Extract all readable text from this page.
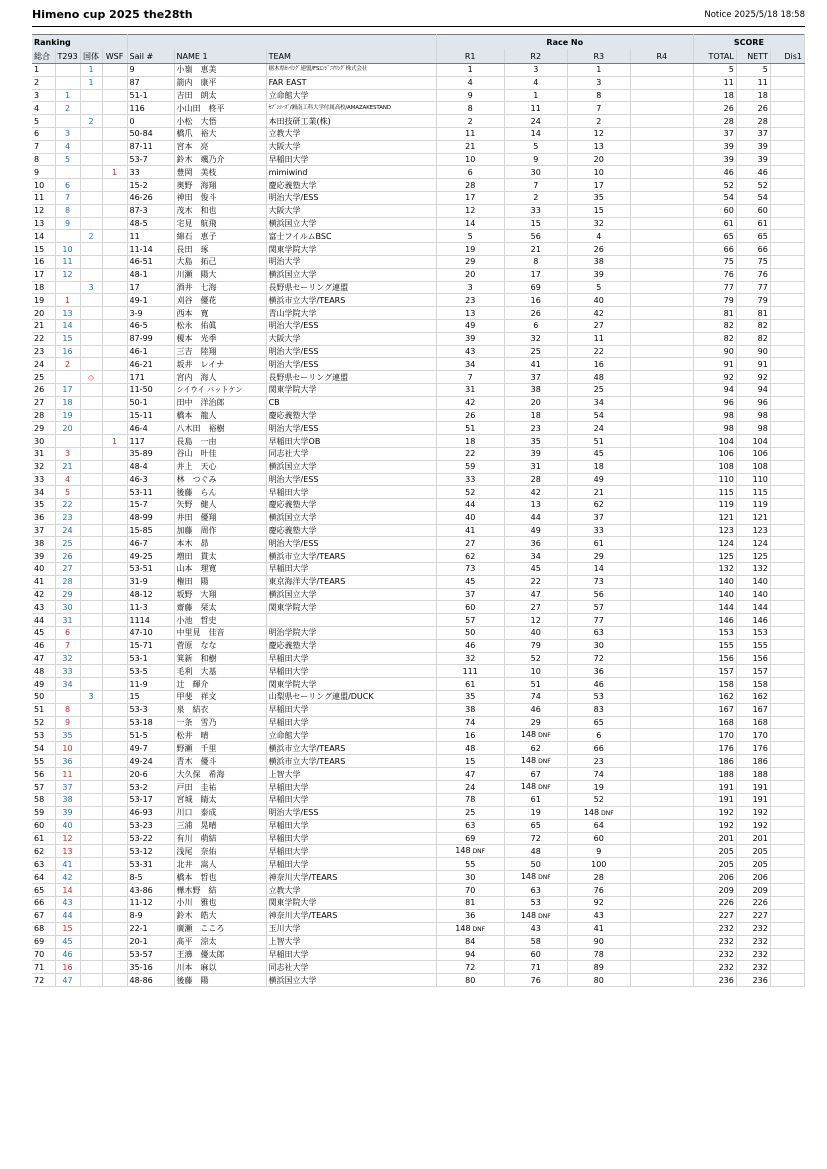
Himeno cup 2025 the28th	Notice 2025/5/18 18:58
Ranking							Race No				SCORE		
総合	T293	国体	WSF	Sail #	NAME 1	TEAM	R1	R2	R3	R4	TOTAL	NETT	Dis1
1		1		9	小嶺　恵美	栃木県ｾｰﾘﾝｸﾞ連盟/FSｴﾝｼﾞﾆｱﾘﾝｸﾞ株式会社	1	3	1		5	5	
2		1		87	箭内　康平	FAR EAST	4	4	3		11	11	
3	1			51-1	吉田　朗太	立命館大学	9	1	8		18	18	
4	2			116	小山田　柊平	ｾﾌﾞﾝｼｰｽﾞ/湘南工科大学付属高校/AMAZAKESTAND	8	11	7		26	26	
5		2		0	小松　大悟	本田技研工業(株)	2	24	2		28	28	
6	3			50-84	橋爪　裕大	立教大学	11	14	12		37	37	
7	4			87-11	宮本　亮	大阪大学	21	5	13		39	39	
8	5			53-7	鈴木　颯乃介	早稲田大学	10	9	20		39	39	
9			1	33	豊岡　美枝	mimiwind	6	30	10		46	46	
10	6			15-2	奥野　海翔	慶応義塾大学	28	7	17		52	52	
11	7			46-26	神田　俊斗	明治大学/ESS	17	2	35		54	54	
12	8			87-3	茂木　和也	大阪大学	12	33	15		60	60	
13	9			48-5	宅見　航飛	横浜国立大学	14	15	32		61	61	
14		2		11	綿石　恵子	富士フイルムBSC	5	56	4		65	65	
15	10			11-14	長田　琢	関東学院大学	19	21	26		66	66	
16	11			46-51	大島　拓己	明治大学	29	8	38		75	75	
17	12			48-1	川瀬　陽大	横浜国立大学	20	17	39		76	76	
18		3		17	酒井　七海	長野県セーリング連盟	3	69	5		77	77	
19	1			49-1	刈谷　優花	横浜市立大学/TEARS	23	16	40		79	79	
20	13			3-9	西本　寛	青山学院大学	13	26	42		81	81	
21	14			46-5	松永　佑眞	明治大学/ESS	49	6	27		82	82	
22	15			87-99	榎本　光季	大阪大学	39	32	11		82	82	
23	16			46-1	三吉　陸翔	明治大学/ESS	43	25	22		90	90	
24	2			46-21	坂井　レイナ	明治大学/ESS	34	41	16		91	91	
25		◇		171	宮内　海人	長野県セーリング連盟	7	37	48		92	92	
26	17			11-50	シイウイ バットケン	関東学院大学	31	38	25		94	94	
27	18			50-1	田中　洋治郎	CB	42	20	34		96	96	
28	19			15-11	橋本　龍人	慶応義塾大学	26	18	54		98	98	
29	20			46-4	八木田　裕樹	明治大学/ESS	51	23	24		98	98	
30			1	117	長島　一由	早稲田大学OB	18	35	51		104	104	
31	3			35-89	谷山　叶佳	同志社大学	22	39	45		106	106	
32	21			48-4	井上　天心	横浜国立大学	59	31	18		108	108	
33	4			46-3	林　つぐみ	明治大学/ESS	33	28	49		110	110	
34	5			53-11	後藤　らん	早稲田大学	52	42	21		115	115	
35	22			15-7	矢野　健人	慶応義塾大学	44	13	62		119	119	
36	23			48-99	井田　優翔	横浜国立大学	40	44	37		121	121	
37	24			15-85	加藤　周作	慶応義塾大学	41	49	33		123	123	
38	25			46-7	本木　昴	明治大学/ESS	27	36	61		124	124	
39	26			49-25	増田　貫太	横浜市立大学/TEARS	62	34	29		125	125	
40	27			53-51	山本　理寛	早稲田大学	73	45	14		132	132	
41	28			31-9	権田　陽	東京海洋大学/TEARS	45	22	73		140	140	
42	29			48-12	坂野　大翔	横浜国立大学	37	47	56		140	140	
43	30			11-3	齋藤　栞太	関東学院大学	60	27	57		144	144	
44	31			1114	小池　哲史		57	12	77		146	146	
45	6			47-10	中里見　佳音	明治学院大学	50	40	63		153	153	
46	7			15-71	菅原　なな	慶応義塾大学	46	79	30		155	155	
47	32			53-1	箕新　和樹	早稲田大学	32	52	72		156	156	
48	33			53-5	毛利　大基	早稲田大学	111	10	36		157	157	
49	34			11-9	辻　輝介	関東学院大学	61	51	46		158	158	
50		3		15	甲斐　祥文	山梨県セーリング連盟/DUCK	35	74	53		162	162	
51	8			53-3	泉　結衣	早稲田大学	38	46	83		167	167	
52	9			53-18	一条　雪乃	早稲田大学	74	29	65		168	168	
53	35			51-5	松井　晴	立命館大学	16	148 DNF	6		170	170	
54	10			49-7	野瀬　千里	横浜市立大学/TEARS	48	62	66		176	176	
55	36			49-24	青木　優斗	横浜市立大学/TEARS	15	148 DNF	23		186	186	
56	11			20-6	大久保　希海	上智大学	47	67	74		188	188	
57	37			53-2	戸田　圭祐	早稲田大学	24	148 DNF	19		191	191	
58	38			53-17	宮城　睛太	早稲田大学	78	61	52		191	191	
59	39			46-93	川口　泰成	明治大学/ESS	25	19	148 DNF		192	192	
60	40			53-23	三浦　晃晴	早稲田大学	63	65	64		192	192	
61	12			53-22	有川　萌結	早稲田大学	69	72	60		201	201	
62	13			53-12	浅尾　奈佑	早稲田大学	148 DNF	48	9		205	205	
63	41			53-31	北井　嵩人	早稲田大学	55	50	100		205	205	
64	42			8-5	橋本　哲也	神奈川大学/TEARS	30	148 DNF	28		206	206	
65	14			43-86	樺木野　結	立教大学	70	63	76		209	209	
66	43			11-12	小川　雅也	関東学院大学	81	53	92		226	226	
67	44			8-9	鈴木　皓大	神奈川大学/TEARS	36	148 DNF	43		227	227	
68	15			22-1	廣瀬　こころ	玉川大学	148 DNF	43	41		232	232	
69	45			20-1	髙平　涼太	上智大学	84	58	90		232	232	
70	46			53-57	王濞　優太郎	早稲田大学	94	60	78		232	232	
71	16			35-16	川本　麻以	同志社大学	72	71	89		232	232	
72	47			48-86	後藤　陽	横浜国立大学	80	76	80		236	236	
